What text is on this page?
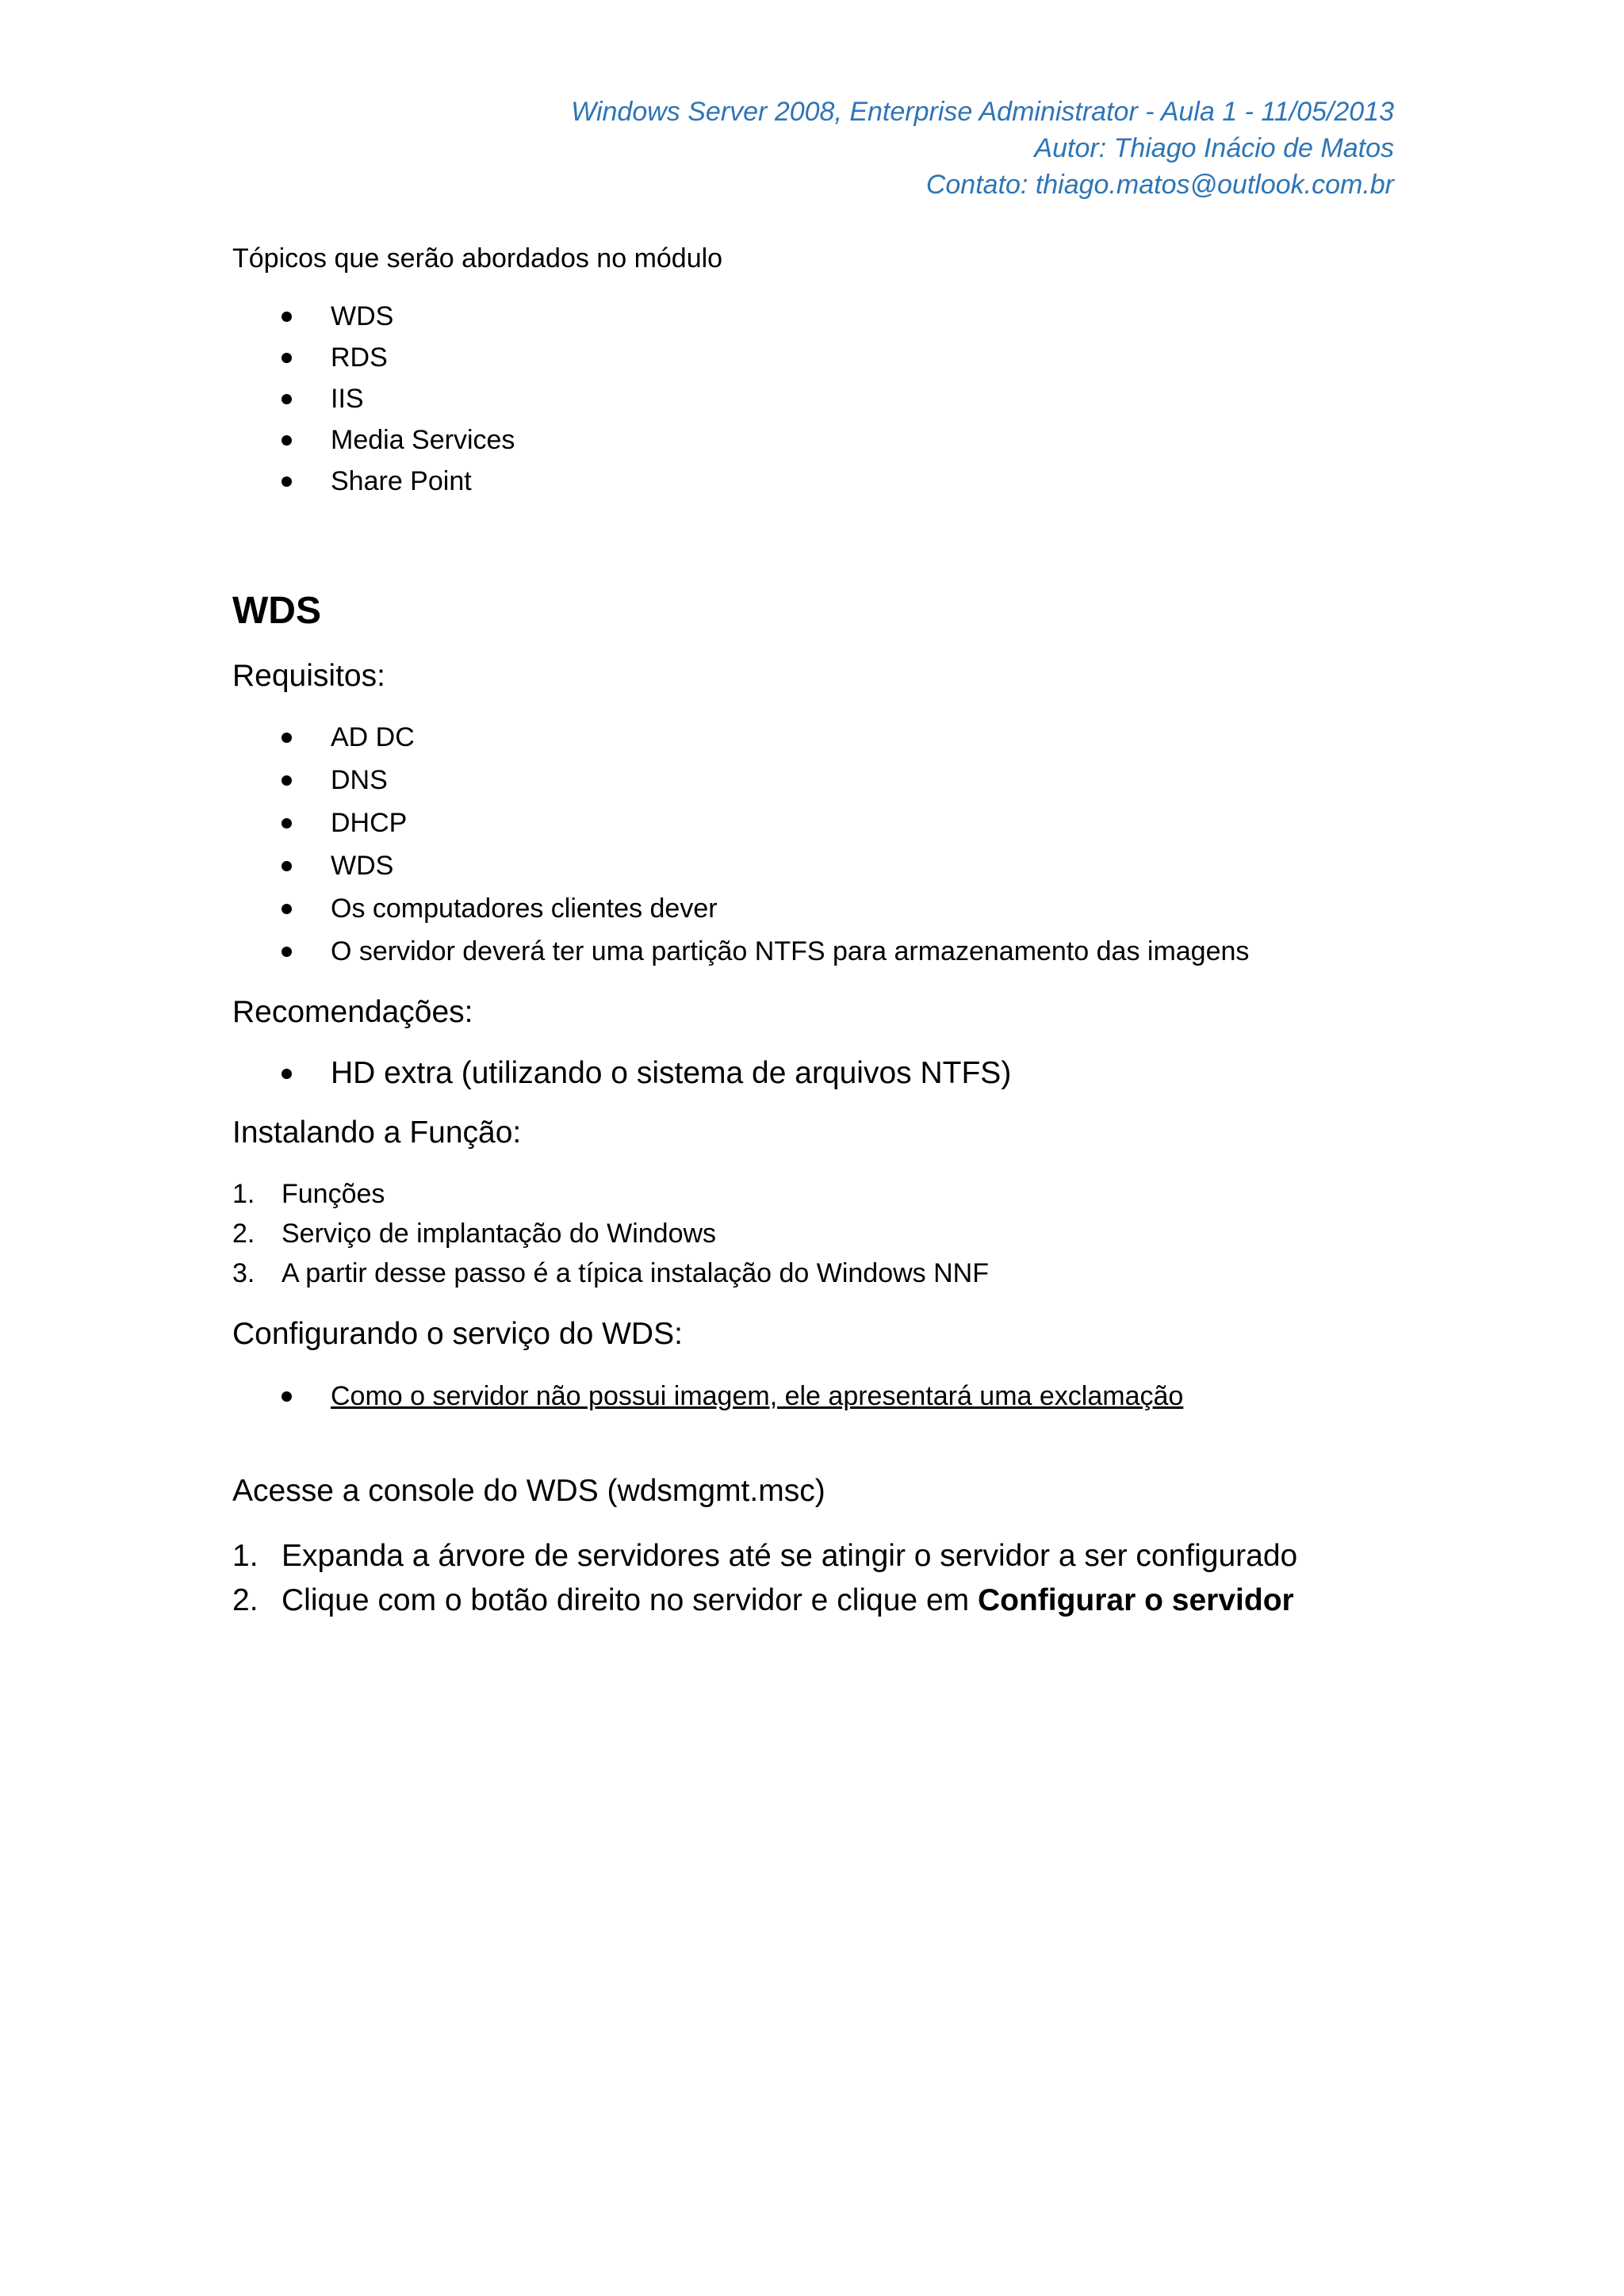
Windows Server 2008, Enterprise Administrator - Aula 1 - 11/05/2013
Autor: Thiago Inácio de Matos
Contato: thiago.matos@outlook.com.br

Tópicos que serão abordados no módulo

WDS
RDS
IIS
Media Services
Share Point
WDS

Requisitos:

AD DC
DNS
DHCP
WDS
Os computadores clientes dever
O servidor deverá ter uma partição NTFS para armazenamento das imagens

Recomendações:

HD extra (utilizando o sistema de arquivos NTFS)

Instalando a Função:

1. Funções
2. Serviço de implantação do Windows
3. A partir desse passo é a típica instalação do Windows NNF

Configurando o serviço do WDS:

Como o servidor não possui imagem, ele apresentará uma exclamação

Acesse a console do WDS (wdsmgmt.msc)

1. Expanda a árvore de servidores até se atingir o servidor a ser configurado
2. Clique com o botão direito no servidor e clique em Configurar o servidor
